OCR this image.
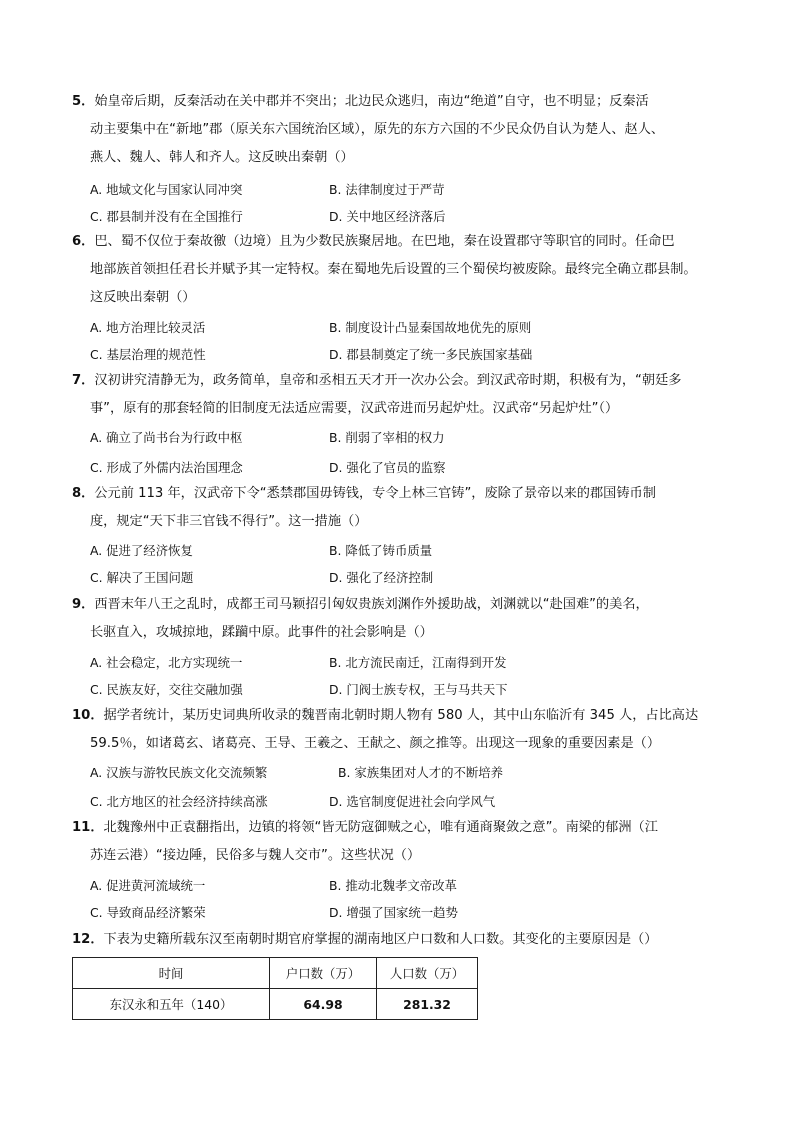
5．始皇帝后期，反秦活动在关中郡并不突出；北边民众逃归，南边“绝道”自守，也不明显；反秦活
动主要集中在“新地”郡（原关东六国统治区域），原先的东方六国的不少民众仍自认为楚人、赵人、
燕人、魏人、韩人和齐人。这反映出秦朝（）
A. 地域文化与国家认同冲突	B. 法律制度过于严苛
C. 郡县制并没有在全国推行	D. 关中地区经济落后
6．巴、蜀不仅位于秦故徼（边境）且为少数民族聚居地。在巴地，秦在设置郡守等职官的同时。任命巴
地部族首领担任君长并赋予其一定特权。秦在蜀地先后设置的三个蜀侯均被废除。最终完全确立郡县制。
这反映出秦朝（）
A. 地方治理比较灵活	B. 制度设计凸显秦国故地优先的原则
C. 基层治理的规范性	D. 郡县制奠定了统一多民族国家基础
7．汉初讲究清静无为，政务简单，皇帝和丞相五天才开一次办公会。到汉武帝时期，积极有为，“朝廷多
事”，原有的那套轻简的旧制度无法适应需要，汉武帝进而另起炉灶。汉武帝“另起炉灶”（）
A. 确立了尚书台为行政中枢	B. 削弱了宰相的权力
C. 形成了外儒内法治国理念	D. 强化了官员的监察
8．公元前 113 年，汉武帝下令“悉禁郡国毋铸钱，专令上林三官铸”，废除了景帝以来的郡国铸币制
度，规定“天下非三官钱不得行”。这一措施（）
A. 促进了经济恢复	B. 降低了铸币质量
C. 解决了王国问题	D. 强化了经济控制
9．西晋末年八王之乱时，成都王司马颖招引匈奴贵族刘渊作外援助战，刘渊就以“赴国难”的美名，
长驱直入，攻城掠地，蹂躏中原。此事件的社会影响是（）
A. 社会稳定，北方实现统一	B. 北方流民南迁，江南得到开发
C. 民族友好，交往交融加强	D. 门阀士族专权，王与马共天下
10．据学者统计，某历史词典所收录的魏晋南北朝时期人物有 580 人，其中山东临沂有 345 人，占比高达
59.5％，如诸葛玄、诸葛亮、王导、王羲之、王献之、颜之推等。出现这一现象的重要因素是（）
A. 汉族与游牧民族文化交流频繁	B. 家族集团对人才的不断培养
C. 北方地区的社会经济持续高涨	D. 选官制度促进社会向学风气
11．北魏豫州中正袁翻指出，边镇的将领“皆无防寇御贼之心，唯有通商聚敛之意”。南梁的郁洲（江
苏连云港）“接边陲，民俗多与魏人交市”。这些状况（）
A. 促进黄河流域统一	B. 推动北魏孝文帝改革
C. 导致商品经济繁荣	D. 增强了国家统一趋势
12．下表为史籍所载东汉至南朝时期官府掌握的湖南地区户口数和人口数。其变化的主要原因是（）
时间	户口数（万）	人口数（万）
东汉永和五年（140）	64.98	281.32
